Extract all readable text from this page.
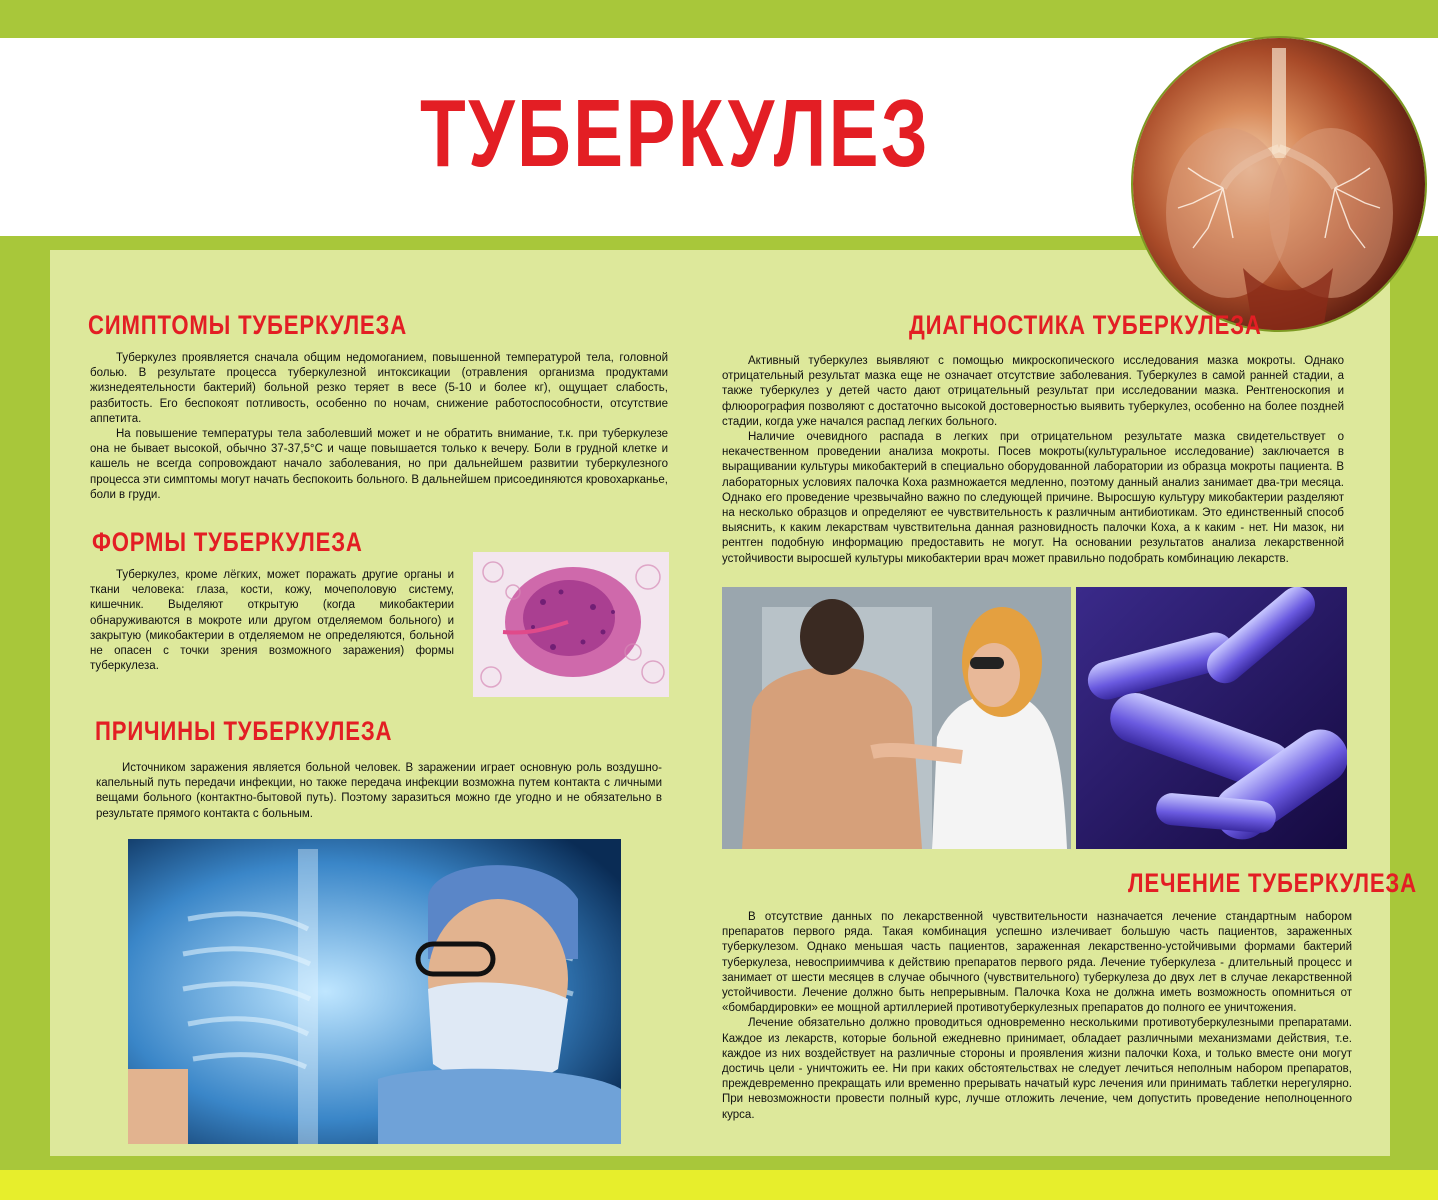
ТУБЕРКУЛЕЗ
СИМПТОМЫ ТУБЕРКУЛЕЗА

Туберкулез проявляется сначала общим недомоганием, повышенной температурой тела, головной болью. В результате процесса туберкулезной интоксикации (отравления организма продуктами жизнедеятельности бактерий) больной резко теряет в весе (5-10 и более кг), ощущает слабость, разбитость. Его беспокоят потливость, особенно по ночам, снижение работоспособности, отсутствие аппетита.

На повышение температуры тела заболевший может и не обратить внимание, т.к. при туберкулезе она не бывает высокой, обычно 37-37,5°С и чаще повышается только к вечеру. Боли в грудной клетке и кашель не всегда сопровождают начало заболевания, но при дальнейшем развитии туберкулезного процесса эти симптомы могут начать беспокоить больного. В дальнейшем присоединяются кровохарканье, боли в груди.

ФОРМЫ ТУБЕРКУЛЕЗА

Туберкулез, кроме лёгких, может поражать другие органы и ткани человека: глаза, кости, кожу, мочеполовую систему, кишечник. Выделяют открытую (когда микобактерии обнаруживаются в мокроте или другом отделяемом больного) и закрытую (микобактерии в отделяемом не определяются, больной не опасен с точки зрения возможного заражения) формы туберкулеза.

ПРИЧИНЫ ТУБЕРКУЛЕЗА

Источником заражения является больной человек. В заражении играет основную роль воздушно-капельный путь передачи инфекции, но также передача инфекции возможна путем контакта с личными вещами больного (контактно-бытовой путь). Поэтому заразиться можно где угодно и не обязательно в результате прямого контакта с больным.

ДИАГНОСТИКА ТУБЕРКУЛЕЗА

Активный туберкулез выявляют с помощью микроскопического исследования мазка мокроты. Однако отрицательный результат мазка еще не означает отсутствие заболевания. Туберкулез в самой ранней стадии, а также туберкулез у детей часто дают отрицательный результат при исследовании мазка. Рентгеноскопия и флюорография позволяют с достаточно высокой достоверностью выявить туберкулез, особенно на более поздней стадии, когда уже начался распад легких больного.

Наличие очевидного распада в легких при отрицательном результате мазка свидетельствует о некачественном проведении анализа мокроты. Посев мокроты(культуральное исследование) заключается в выращивании культуры микобактерий в специально оборудованной лаборатории из образца мокроты пациента. В лабораторных условиях палочка Коха размножается медленно, поэтому данный анализ занимает два-три месяца. Однако его проведение чрезвычайно важно по следующей причине. Выросшую культуру микобактерии разделяют на несколько образцов и определяют ее чувствительность к различным антибиотикам. Это единственный способ выяснить, к каким лекарствам чувствительна данная разновидность палочки Коха, а к каким - нет. Ни мазок, ни рентген подобную информацию предоставить не могут. На основании результатов анализа лекарственной устойчивости выросшей культуры микобактерии врач может правильно подобрать комбинацию лекарств.

ЛЕЧЕНИЕ ТУБЕРКУЛЕЗА

В отсутствие данных по лекарственной чувствительности назначается лечение стандартным набором препаратов первого ряда. Такая комбинация успешно излечивает большую часть пациентов, зараженных туберкулезом. Однако меньшая часть пациентов, зараженная лекарственно-устойчивыми формами бактерий туберкулеза, невосприимчива к действию препаратов первого ряда. Лечение туберкулеза - длительный процесс и занимает от шести месяцев в случае обычного (чувствительного) туберкулеза до двух лет в случае лекарственной устойчивости. Лечение должно быть непрерывным. Палочка Коха не должна иметь возможность опомниться от «бомбардировки» ее мощной артиллерией противотуберкулезных препаратов до полного ее уничтожения.

Лечение обязательно должно проводиться одновременно несколькими противотуберкулезными препаратами. Каждое из лекарств, которые больной ежедневно принимает, обладает различными механизмами действия, т.е. каждое из них воздействует на различные стороны и проявления жизни палочки Коха, и только вместе они могут достичь цели - уничтожить ее. Ни при каких обстоятельствах не следует лечиться неполным набором препаратов, преждевременно прекращать или временно прерывать начатый курс лечения или принимать таблетки нерегулярно. При невозможности провести полный курс, лучше отложить лечение, чем допустить проведение неполноценного курса.
